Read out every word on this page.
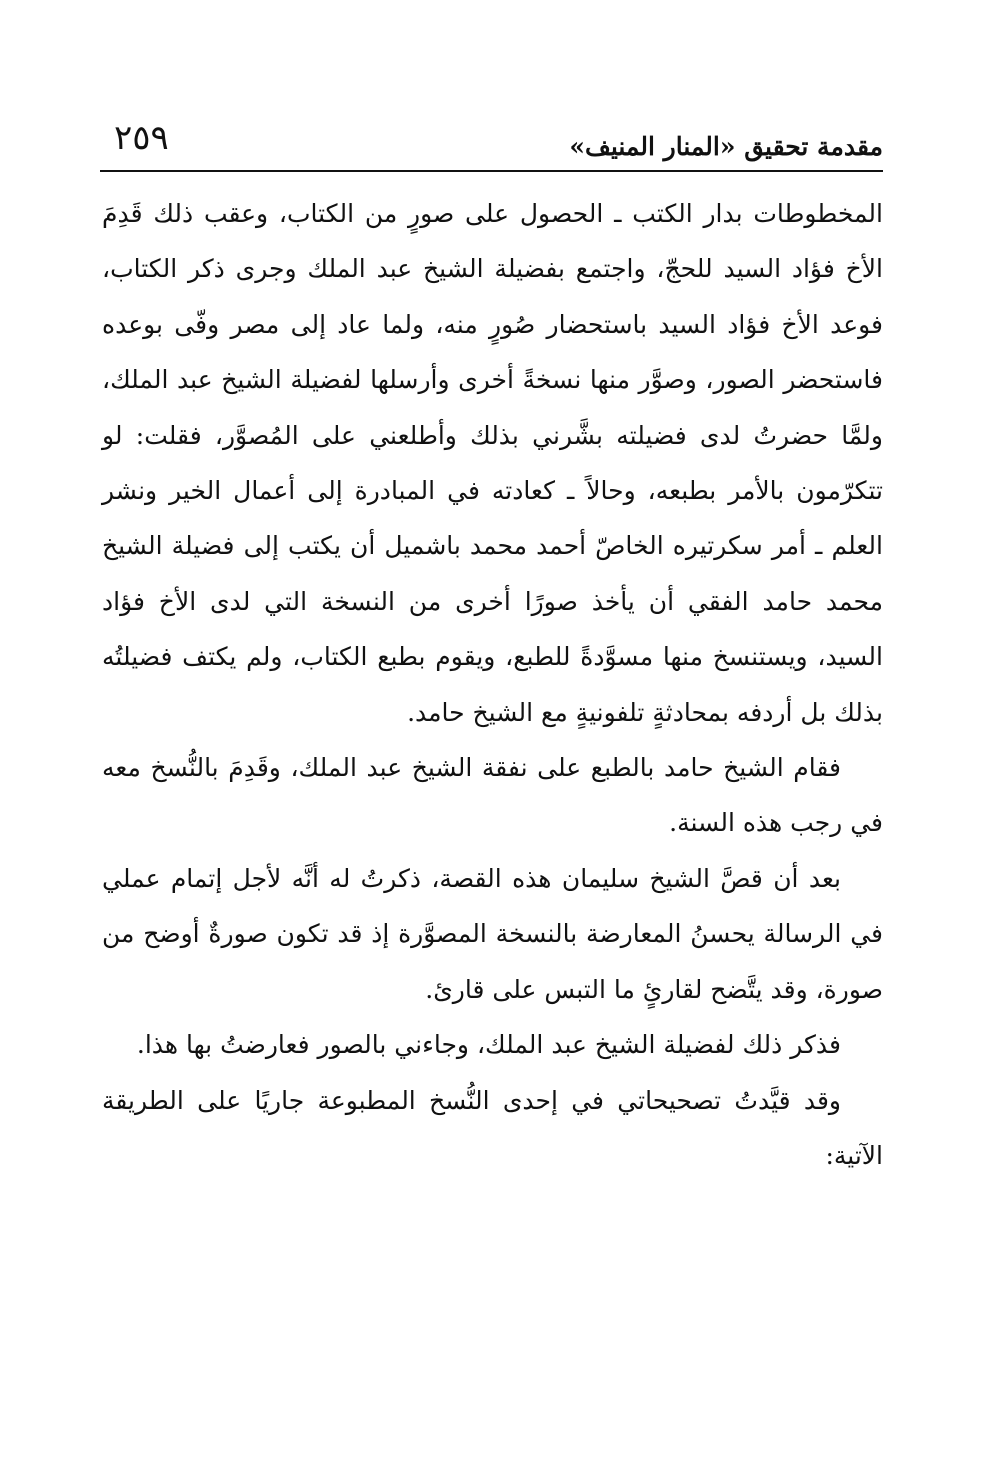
مقدمة تحقيق «المنار المنيف»
٢٥٩

المخطوطات بدار الكتب ـ الحصول على صورٍ من الكتاب، وعقب ذلك قَدِمَ الأخ فؤاد السيد للحجّ، واجتمع بفضيلة الشيخ عبد الملك وجرى ذكر الكتاب، فوعد الأخ فؤاد السيد باستحضار صُورٍ منه، ولما عاد إلى مصر وفّى بوعده فاستحضر الصور، وصوَّر منها نسخةً أخرى وأرسلها لفضيلة الشيخ عبد الملك، ولمَّا حضرتُ لدى فضيلته بشَّرني بذلك وأطلعني على المُصوَّر، فقلت: لو تتكرّمون بالأمر بطبعه، وحالاً ـ كعادته في المبادرة إلى أعمال الخير ونشر العلم ـ أمر سكرتيره الخاصّ أحمد محمد باشميل أن يكتب إلى فضيلة الشيخ محمد حامد الفقي أن يأخذ صورًا أخرى من النسخة التي لدى الأخ فؤاد السيد، ويستنسخ منها مسوَّدةً للطبع، ويقوم بطبع الكتاب، ولم يكتف فضيلتُه بذلك بل أردفه بمحادثةٍ تلفونيةٍ مع الشيخ حامد.

فقام الشيخ حامد بالطبع على نفقة الشيخ عبد الملك، وقَدِمَ بالنُّسخ معه في رجب هذه السنة.

بعد أن قصَّ الشيخ سليمان هذه القصة، ذكرتُ له أنَّه لأجل إتمام عملي في الرسالة يحسنُ المعارضة بالنسخة المصوَّرة إذ قد تكون صورةٌ أوضح من صورة، وقد يتَّضح لقارئٍ ما التبس على قارئ.

فذكر ذلك لفضيلة الشيخ عبد الملك، وجاءني بالصور فعارضتُ بها هذا.

وقد قيَّدتُ تصحيحاتي في إحدى النُّسخ المطبوعة جاريًا على الطريقة الآتية:
